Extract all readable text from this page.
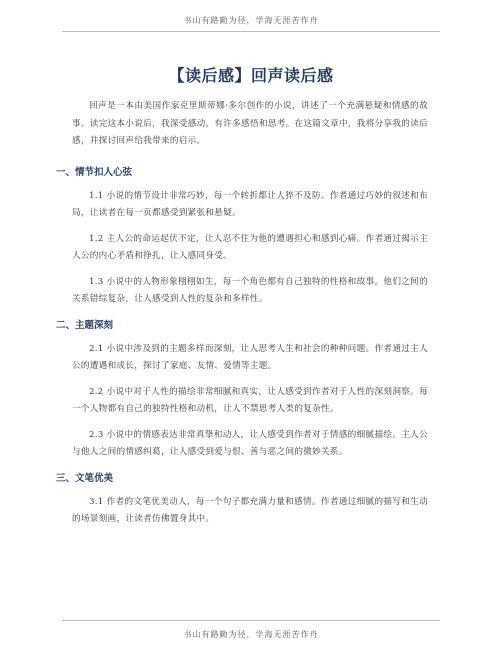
书山有路勤为径，学海无涯苦作舟
【读后感】回声读后感

回声是一本由美国作家克里斯蒂娜·多尔创作的小说，讲述了一个充满悬疑和情感的故事。读完这本小说后，我深受感动，有许多感悟和思考。在这篇文章中，我将分享我的读后感，并探讨回声给我带来的启示。

一、情节扣人心弦

1.1 小说的情节设计非常巧妙，每一个转折都让人猝不及防。作者通过巧妙的叙述和布局，让读者在每一页都感受到紧张和悬疑。

1.2 主人公的命运起伏不定，让人忍不住为他的遭遇担心和感到心痛。作者通过揭示主人公的内心矛盾和挣扎，让人感同身受。

1.3 小说中的人物形象栩栩如生，每一个角色都有自己独特的性格和故事。他们之间的关系错综复杂，让人感受到人性的复杂和多样性。

二、主题深刻

2.1 小说中涉及到的主题多样而深刻，让人思考人生和社会的种种问题。作者通过主人公的遭遇和成长，探讨了家庭、友情、爱情等主题。

2.2 小说中对于人性的描绘非常细腻和真实，让人感受到作者对于人性的深刻洞察。每一个人物都有自己的独特性格和动机，让人不禁思考人类的复杂性。

2.3 小说中的情感表达非常真挚和动人，让人感受到作者对于情感的细腻描绘。主人公与他人之间的情感纠葛，让人感受到爱与恨、善与恶之间的微妙关系。

三、文笔优美

3.1 作者的文笔优美动人，每一个句子都充满力量和感情。作者通过细腻的描写和生动的场景刻画，让读者仿佛置身其中。

书山有路勤为径，学海无涯苦作舟
